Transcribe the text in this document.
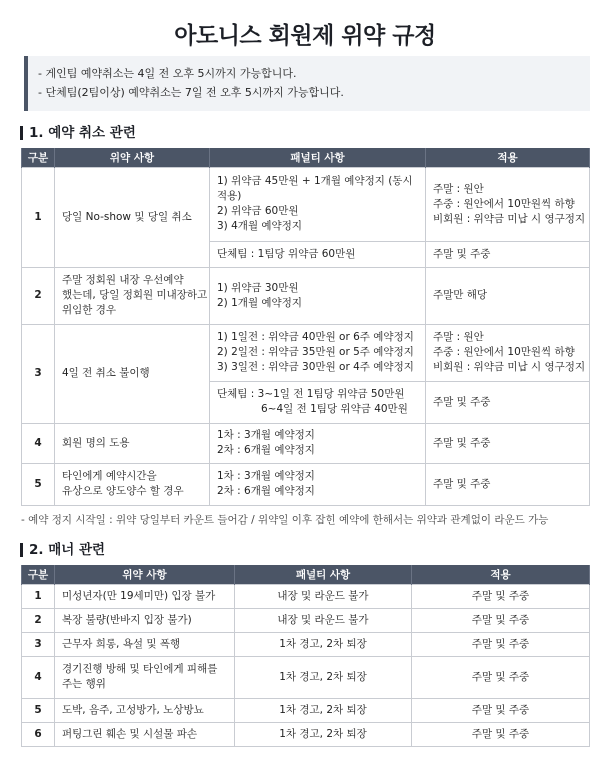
아도니스 회원제 위약 규정
- 게인팀 예약취소는 4일 전 오후 5시까지 가능합니다.
- 단체팀(2팀이상) 예약취소는 7일 전 오후 5시까지 가능합니다.
1. 예약 취소 관련
구분	위약 사항	패널티 사항	적용
1	당일 No-show 및 당일 취소	1) 위약금 45만원 + 1개월 예약정지 (동시
적용)
2) 위약금 60만원
3) 4개월 예약정지	주말 : 원안
주중 : 원안에서 10만원씩 하향
비회원 : 위약금 미납 시 영구정지

		단체팀 : 1팀당 위약금 60만원	주말 및 주중

2	주말 정회원 내장 우선예약
했는데, 당일 정회원 미내장하고
위임한 경우	1) 위약금 30만원
2) 1개월 예약정지	주말만 해당

3	4일 전 취소 불이행	1) 1일전 : 위약금 40만원 or 6주 예약정지
2) 2일전 : 위약금 35만원 or 5주 예약정지
3) 3일전 : 위약금 30만원 or 4주 예약정지	주말 : 원안
주중 : 원안에서 10만원씩 하향
비회원 : 위약금 미납 시 영구정지

		단체팀 : 3~1일 전 1팀당 위약금 50만원
6~4일 전 1팀당 위약금 40만원	주말 및 주중

4	회원 명의 도용	1차 : 3개월 예약정지
2차 : 6개월 예약정지	주말 및 주중

5	타인에게 예약시간을
유상으로 양도양수 할 경우	1차 : 3개월 예약정지
2차 : 6개월 예약정지	주말 및 주중
- 예약 정지 시작일 : 위약 당일부터 카운트 들어감 / 위약일 이후 잡힌 예약에 한해서는 위약과 관계없이 라운드 가능
2. 매너 관련
구분	위약 사항	패널티 사항	적용
1	미성년자(만 19세미만) 입장 불가	내장 및 라운드 불가	주말 및 주중
2	복장 불량(반바지 입장 불가)	내장 및 라운드 불가	주말 및 주중
3	근무자 희롱, 욕설 및 폭행	1차 경고, 2차 퇴장	주말 및 주중
4	경기진행 방해 및 타인에게 피해를
주는 행위	1차 경고, 2차 퇴장	주말 및 주중
5	도박, 음주, 고성방가, 노상방뇨	1차 경고, 2차 퇴장	주말 및 주중
6	퍼팅그린 훼손 및 시설물 파손	1차 경고, 2차 퇴장	주말 및 주중
